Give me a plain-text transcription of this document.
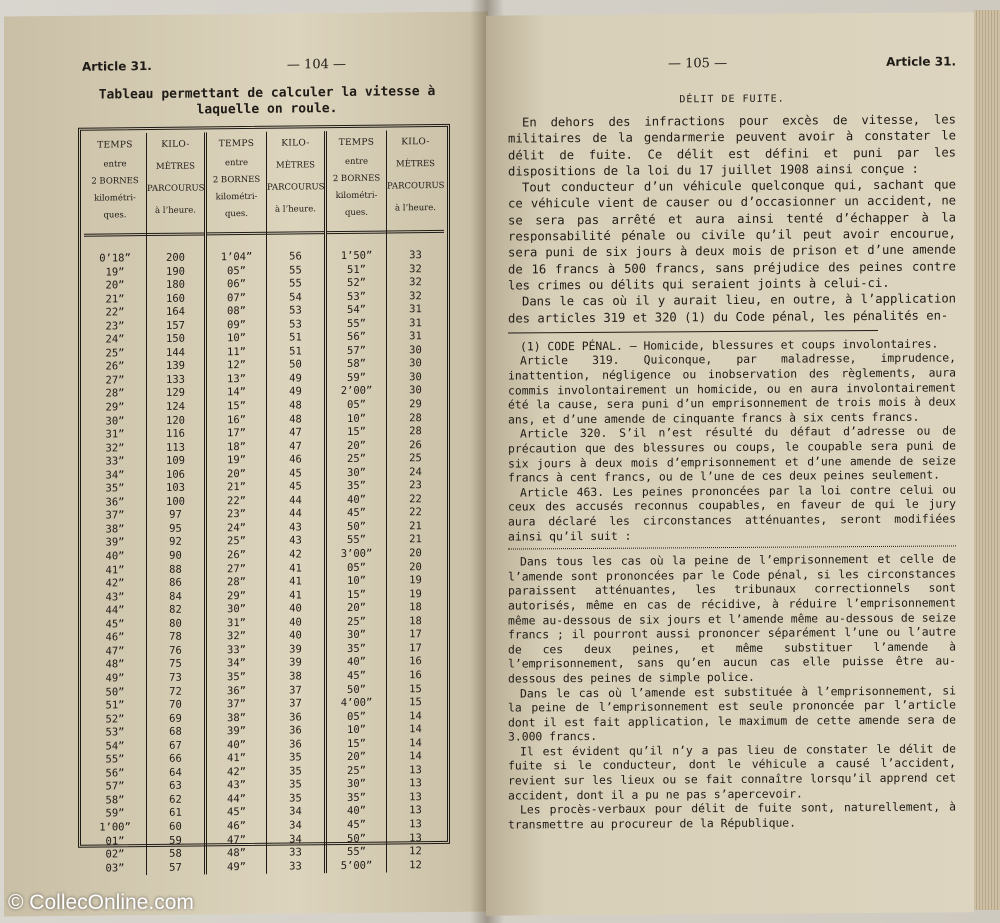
Article 31.	— 104 —
Tableau permettant de calculer la vitesse à laquelle on roule.
TEMPS
entre
2 BORNES
kilométri-
ques.
0’18”
19”
20”
21”
22”
23”
24”
25”
26”
27”
28”
29”
30”
31”
32”
33”
34”
35”
36”
37”
38”
39”
40”
41”
42”
43”
44”
45”
46”
47”
48”
49”
50”
51”
52”
53”
54”
55”
56”
57”
58”
59”
1’00”
01”
02”
03”
KILO-
MÈTRES
PARCOURUS
à l’heure.
200
190
180
160
164
157
150
144
139
133
129
124
120
116
113
109
106
103
100
97
95
92
90
88
86
84
82
80
78
76
75
73
72
70
69
68
67
66
64
63
62
61
60
59
58
57
TEMPS
entre
2 BORNES
kilométri-
ques.
1’04”
05”
06”
07”
08”
09”
10”
11”
12”
13”
14”
15”
16”
17”
18”
19”
20”
21”
22”
23”
24”
25”
26”
27”
28”
29”
30”
31”
32”
33”
34”
35”
36”
37”
38”
39”
40”
41”
42”
43”
44”
45”
46”
47”
48”
49”
KILO-
MÈTRES
PARCOURUS
à l’heure.
56
55
55
54
53
53
51
51
50
49
49
48
48
47
47
46
45
45
44
44
43
43
42
41
41
41
40
40
40
39
39
38
37
37
36
36
36
35
35
35
35
34
34
34
33
33
TEMPS
entre
2 BORNES
kilométri-
ques.
1’50”
51”
52”
53”
54”
55”
56”
57”
58”
59”
2’00”
05”
10”
15”
20”
25”
30”
35”
40”
45”
50”
55”
3’00”
05”
10”
15”
20”
25”
30”
35”
40”
45”
50”
4’00”
05”
10”
15”
20”
25”
30”
35”
40”
45”
50”
55”
5’00”
KILO-
MÈTRES
PARCOURUS
à l’heure.
33
32
32
32
31
31
31
30
30
30
30
29
28
28
26
25
24
23
22
22
21
21
20
20
19
19
18
18
17
17
16
16
15
15
14
14
14
14
13
13
13
13
13
13
12
12
— 105 —	Article 31.
DÉLIT DE FUITE.

En dehors des infractions pour excès de vitesse, les militaires de la gendarmerie peuvent avoir à constater le délit de fuite. Ce délit est défini et puni par les dispositions de la loi du 17 juillet 1908 ainsi conçue :

Tout conducteur d’un véhicule quelconque qui, sachant que ce véhicule vient de causer ou d’occasionner un accident, ne se sera pas arrêté et aura ainsi tenté d’échapper à la responsabilité pénale ou civile qu’il peut avoir encourue, sera puni de six jours à deux mois de prison et d’une amende de 16 francs à 500 francs, sans préjudice des peines contre les crimes ou délits qui seraient joints à celui-ci.

Dans le cas où il y aurait lieu, en outre, à l’application des articles 319 et 320 (1) du Code pénal, les pénalités en-

(1) CODE PÉNAL. — Homicide, blessures et coups involontaires.

Article 319. Quiconque, par maladresse, imprudence, inattention, négligence ou inobservation des règlements, aura commis involontairement un homicide, ou en aura involontairement été la cause, sera puni d’un emprisonnement de trois mois à deux ans, et d’une amende de cinquante francs à six cents francs.

Article 320. S’il n’est résulté du défaut d’adresse ou de précaution que des blessures ou coups, le coupable sera puni de six jours à deux mois d’emprisonnement et d’une amende de seize francs à cent francs, ou de l’une de ces deux peines seulement.

Article 463. Les peines prononcées par la loi contre celui ou ceux des accusés reconnus coupables, en faveur de qui le jury aura déclaré les circonstances atténuantes, seront modifiées ainsi qu’il suit :

Dans tous les cas où la peine de l’emprisonnement et celle de l’amende sont prononcées par le Code pénal, si les circonstances paraissent atténuantes, les tribunaux correctionnels sont autorisés, même en cas de récidive, à réduire l’emprisonnement même au-dessous de six jours et l’amende même au-dessous de seize francs ; il pourront aussi prononcer séparément l’une ou l’autre de ces deux peines, et même substituer l’amende à l’emprisonnement, sans qu’en aucun cas elle puisse être au-dessous des peines de simple police.

Dans le cas où l’amende est substituée à l’emprisonnement, si la peine de l’emprisonnement est seule prononcée par l’article dont il est fait application, le maximum de cette amende sera de 3.000 francs.

Il est évident qu’il n’y a pas lieu de constater le délit de fuite si le conducteur, dont le véhicule a causé l’accident, revient sur les lieux ou se fait connaître lorsqu’il apprend cet accident, dont il a pu ne pas s’apercevoir.

Les procès-verbaux pour délit de fuite sont, naturellement, à transmettre au procureur de la République.

© CollecOnline.com
